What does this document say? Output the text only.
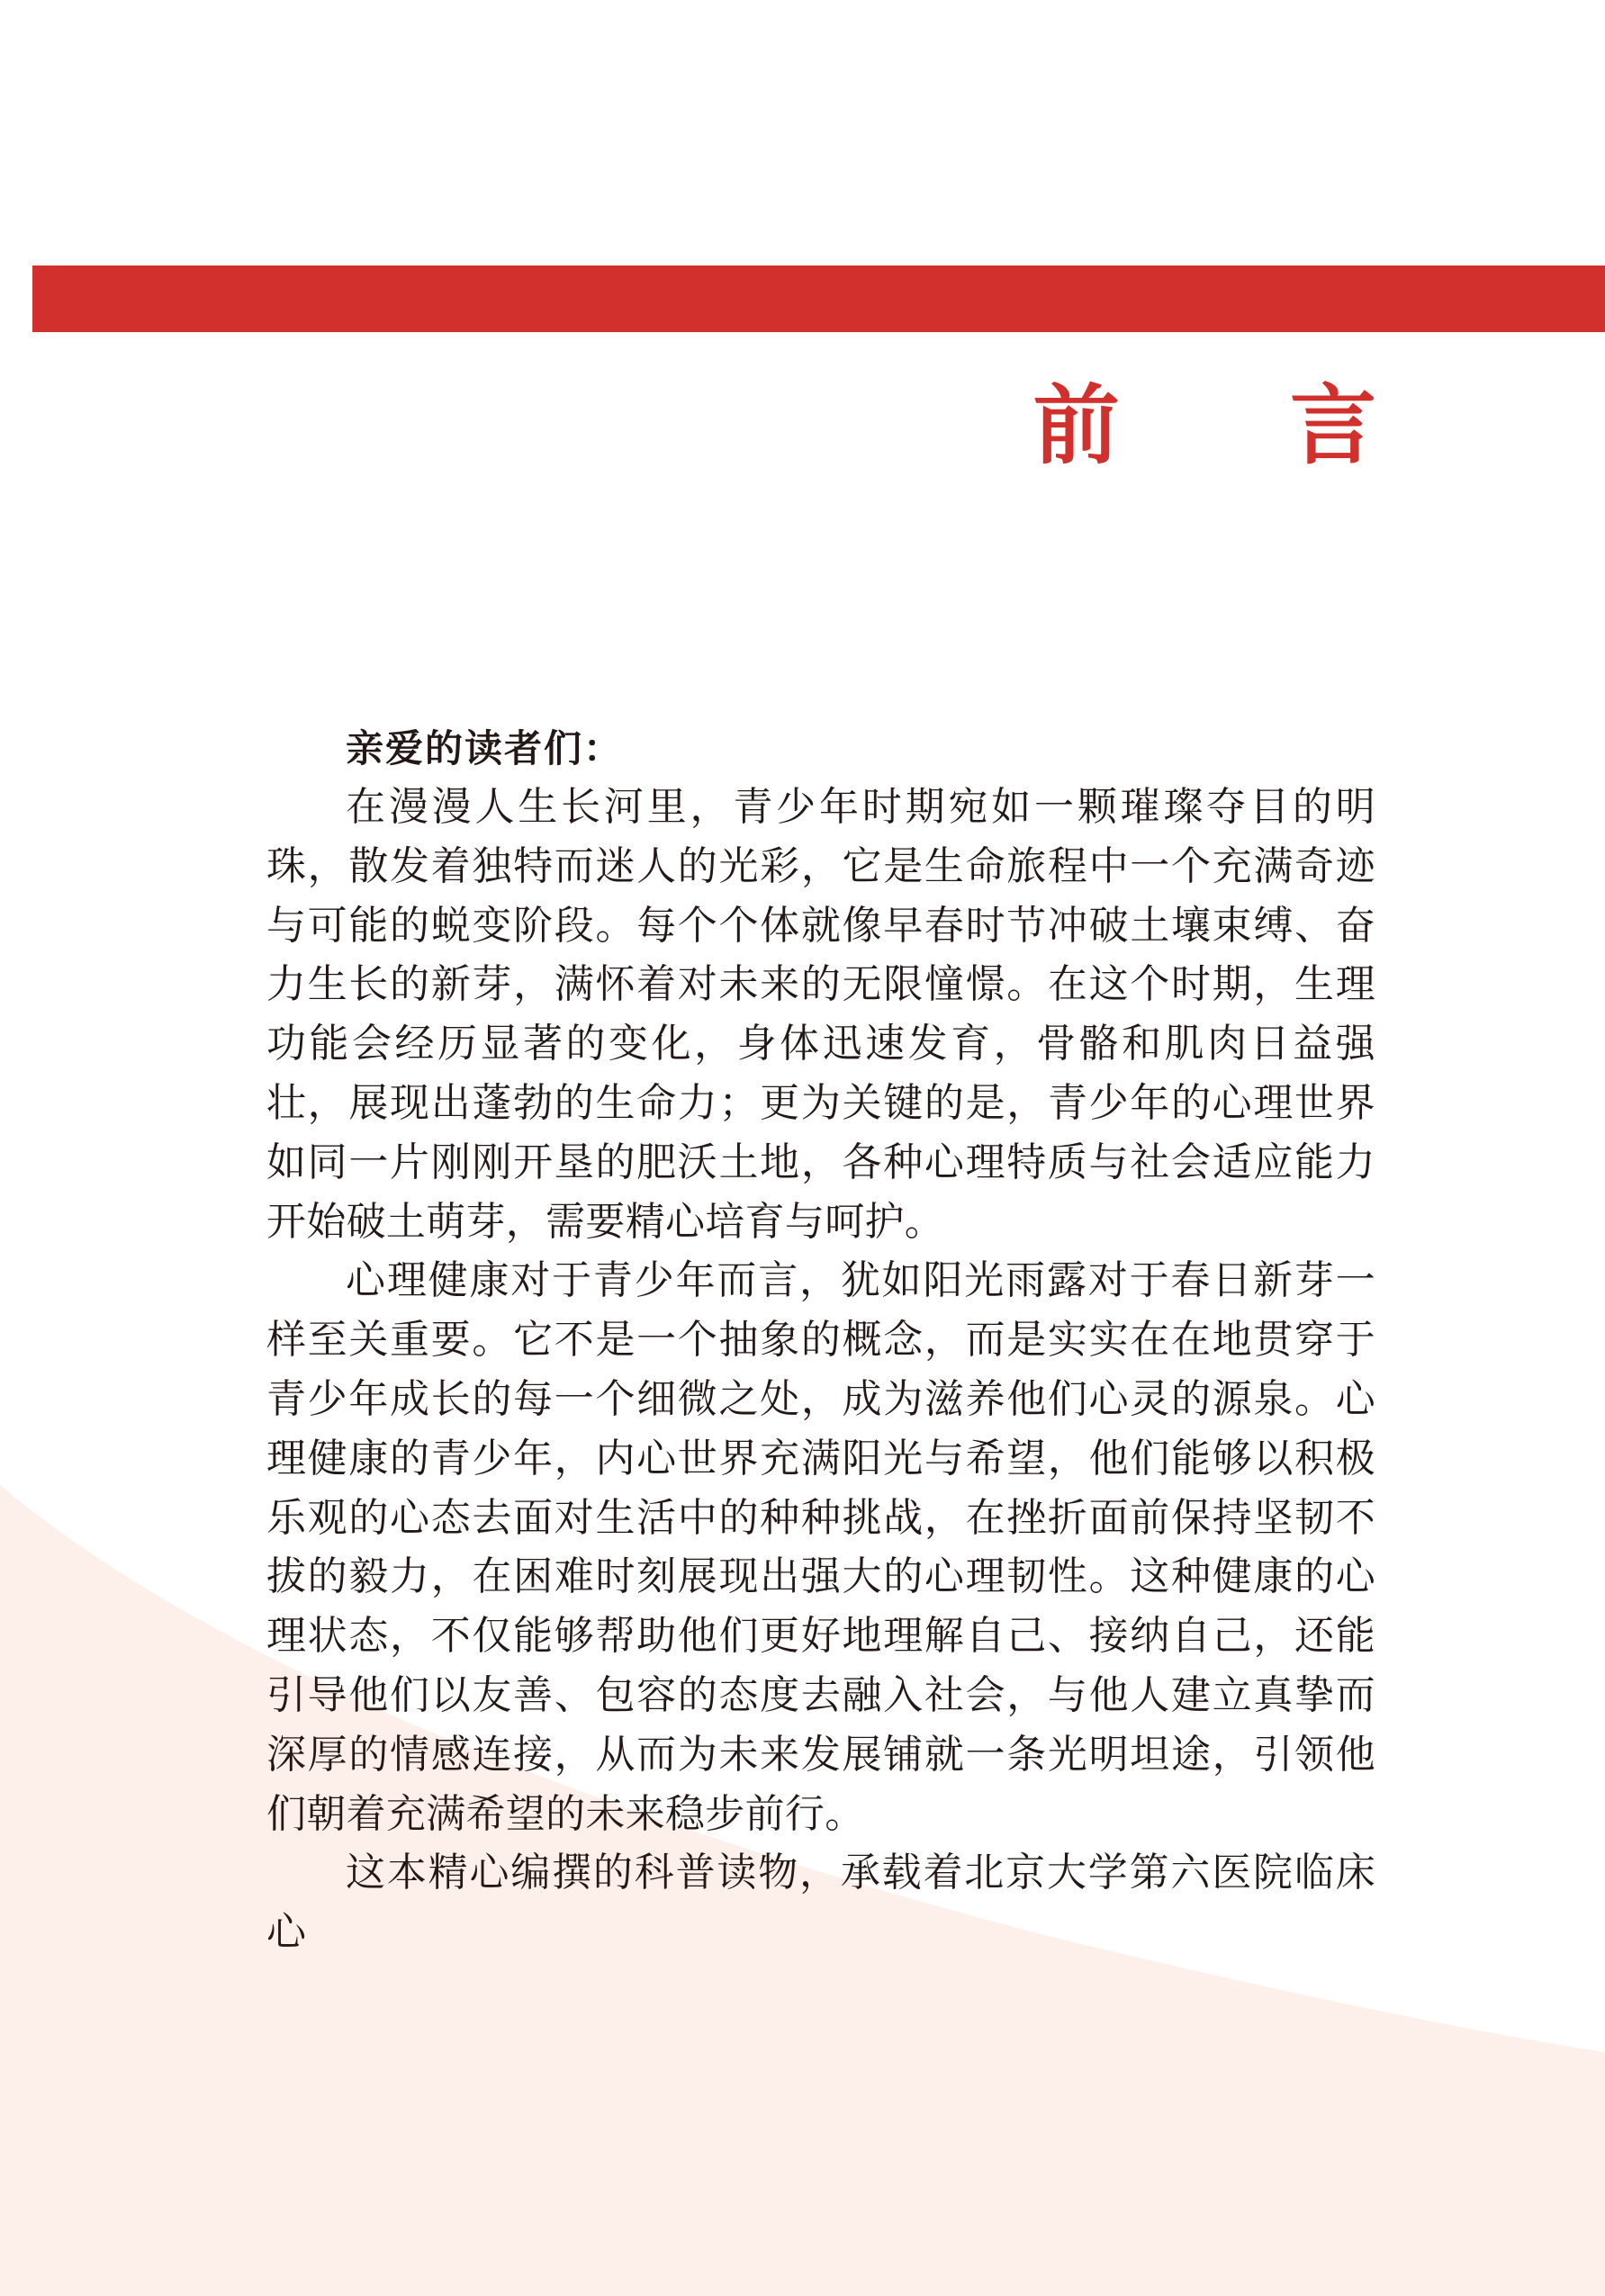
前 言

亲爱的读者们：

在漫漫人生长河里，青少年时期宛如一颗璀璨夺目的明珠，散发着独特而迷人的光彩，它是生命旅程中一个充满奇迹与可能的蜕变阶段。每个个体就像早春时节冲破土壤束缚、奋力生长的新芽，满怀着对未来的无限憧憬。在这个时期，生理功能会经历显著的变化，身体迅速发育，骨骼和肌肉日益强壮，展现出蓬勃的生命力；更为关键的是，青少年的心理世界如同一片刚刚开垦的肥沃土地，各种心理特质与社会适应能力开始破土萌芽，需要精心培育与呵护。

心理健康对于青少年而言，犹如阳光雨露对于春日新芽一样至关重要。它不是一个抽象的概念，而是实实在在地贯穿于青少年成长的每一个细微之处，成为滋养他们心灵的源泉。心理健康的青少年，内心世界充满阳光与希望，他们能够以积极乐观的心态去面对生活中的种种挑战，在挫折面前保持坚韧不拔的毅力，在困难时刻展现出强大的心理韧性。这种健康的心理状态，不仅能够帮助他们更好地理解自己、接纳自己，还能引导他们以友善、包容的态度去融入社会，与他人建立真挚而深厚的情感连接，从而为未来发展铺就一条光明坦途，引领他们朝着充满希望的未来稳步前行。

这本精心编撰的科普读物，承载着北京大学第六医院临床心
